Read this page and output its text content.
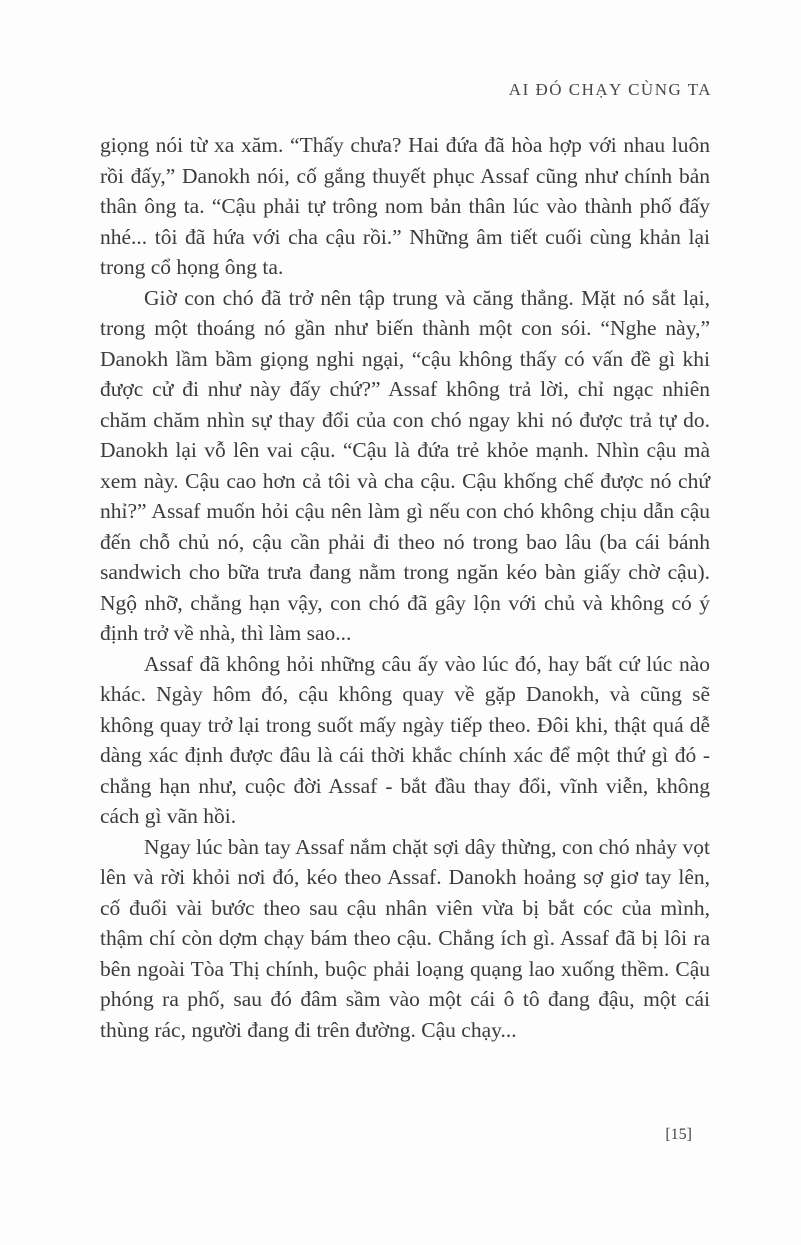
AI ĐÓ CHẠY CÙNG TA

giọng nói từ xa xăm. “Thấy chưa? Hai đứa đã hòa hợp với nhau luôn rồi đấy,” Danokh nói, cố gắng thuyết phục Assaf cũng như chính bản thân ông ta. “Cậu phải tự trông nom bản thân lúc vào thành phố đấy nhé... tôi đã hứa với cha cậu rồi.” Những âm tiết cuối cùng khản lại trong cổ họng ông ta.

Giờ con chó đã trở nên tập trung và căng thẳng. Mặt nó sắt lại, trong một thoáng nó gần như biến thành một con sói. “Nghe này,” Danokh lầm bầm giọng nghi ngại, “cậu không thấy có vấn đề gì khi được cử đi như này đấy chứ?” Assaf không trả lời, chỉ ngạc nhiên chăm chăm nhìn sự thay đổi của con chó ngay khi nó được trả tự do. Danokh lại vỗ lên vai cậu. “Cậu là đứa trẻ khỏe mạnh. Nhìn cậu mà xem này. Cậu cao hơn cả tôi và cha cậu. Cậu khống chế được nó chứ nhỉ?” Assaf muốn hỏi cậu nên làm gì nếu con chó không chịu dẫn cậu đến chỗ chủ nó, cậu cần phải đi theo nó trong bao lâu (ba cái bánh sandwich cho bữa trưa đang nằm trong ngăn kéo bàn giấy chờ cậu). Ngộ nhỡ, chẳng hạn vậy, con chó đã gây lộn với chủ và không có ý định trở về nhà, thì làm sao...

Assaf đã không hỏi những câu ấy vào lúc đó, hay bất cứ lúc nào khác. Ngày hôm đó, cậu không quay về gặp Danokh, và cũng sẽ không quay trở lại trong suốt mấy ngày tiếp theo. Đôi khi, thật quá dễ dàng xác định được đâu là cái thời khắc chính xác để một thứ gì đó - chẳng hạn như, cuộc đời Assaf - bắt đầu thay đổi, vĩnh viễn, không cách gì vãn hồi.

Ngay lúc bàn tay Assaf nắm chặt sợi dây thừng, con chó nhảy vọt lên và rời khỏi nơi đó, kéo theo Assaf. Danokh hoảng sợ giơ tay lên, cố đuổi vài bước theo sau cậu nhân viên vừa bị bắt cóc của mình, thậm chí còn dợm chạy bám theo cậu. Chẳng ích gì. Assaf đã bị lôi ra bên ngoài Tòa Thị chính, buộc phải loạng quạng lao xuống thềm. Cậu phóng ra phố, sau đó đâm sầm vào một cái ô tô đang đậu, một cái thùng rác, người đang đi trên đường. Cậu chạy...

[15]
